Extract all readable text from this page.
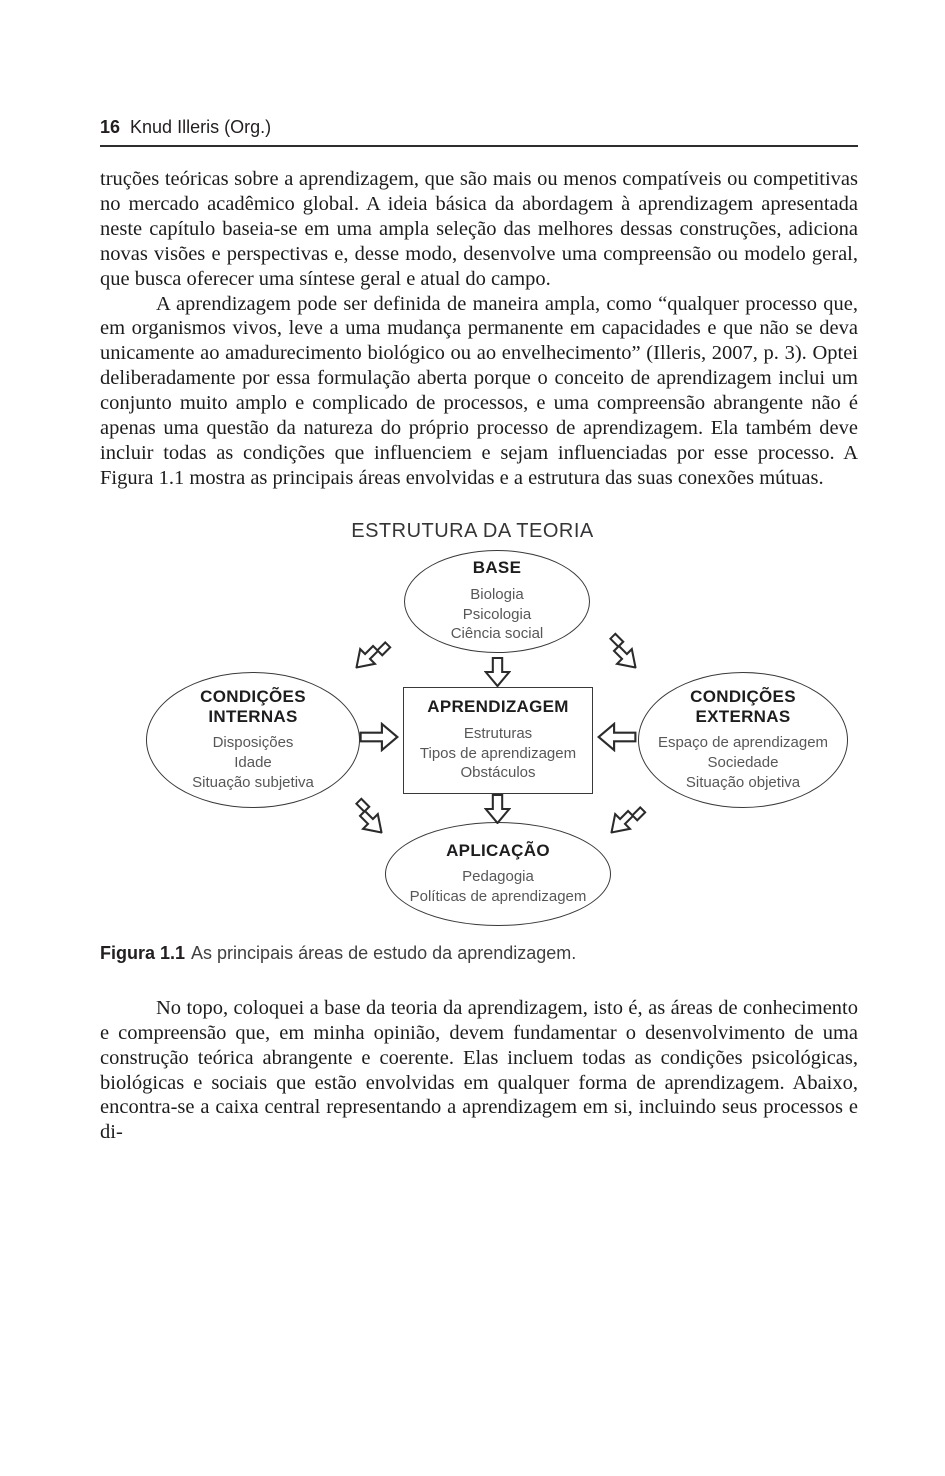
16 Knud Illeris (Org.)

truções teóricas sobre a aprendizagem, que são mais ou menos compatíveis ou competitivas no mercado acadêmico global. A ideia básica da abordagem à aprendizagem apresentada neste capítulo baseia-se em uma ampla seleção das melhores dessas construções, adiciona novas visões e perspectivas e, desse modo, desenvolve uma compreensão ou modelo geral, que busca oferecer uma síntese geral e atual do campo.

A aprendizagem pode ser definida de maneira ampla, como “qualquer processo que, em organismos vivos, leve a uma mudança permanente em capacidades e que não se deva unicamente ao amadurecimento biológico ou ao envelhecimento” (Illeris, 2007, p. 3). Optei deliberadamente por essa formulação aberta porque o conceito de aprendizagem inclui um conjunto muito amplo e complicado de processos, e uma compreensão abrangente não é apenas uma questão da natureza do próprio processo de aprendizagem. Ela também deve incluir todas as condições que influenciem e sejam influenciadas por esse processo. A Figura 1.1 mostra as principais áreas envolvidas e a estrutura das suas conexões mútuas.

ESTRUTURA DA TEORIA
BASE
Biologia
Psicologia
Ciência social
CONDIÇÕES
INTERNAS
Disposições
Idade
Situação subjetiva
APRENDIZAGEM
Estruturas
Tipos de aprendizagem
Obstáculos
CONDIÇÕES
EXTERNAS
Espaço de aprendizagem
Sociedade
Situação objetiva
APLICAÇÃO
Pedagogia
Políticas de aprendizagem
Figura 1.1 As principais áreas de estudo da aprendizagem.

No topo, coloquei a base da teoria da aprendizagem, isto é, as áreas de conhecimento e compreensão que, em minha opinião, devem fundamentar o desenvolvimento de uma construção teórica abrangente e coerente. Elas incluem todas as condições psicológicas, biológicas e sociais que estão envolvidas em qualquer forma de aprendizagem. Abaixo, encontra-se a caixa central representando a aprendizagem em si, incluindo seus processos e di-
